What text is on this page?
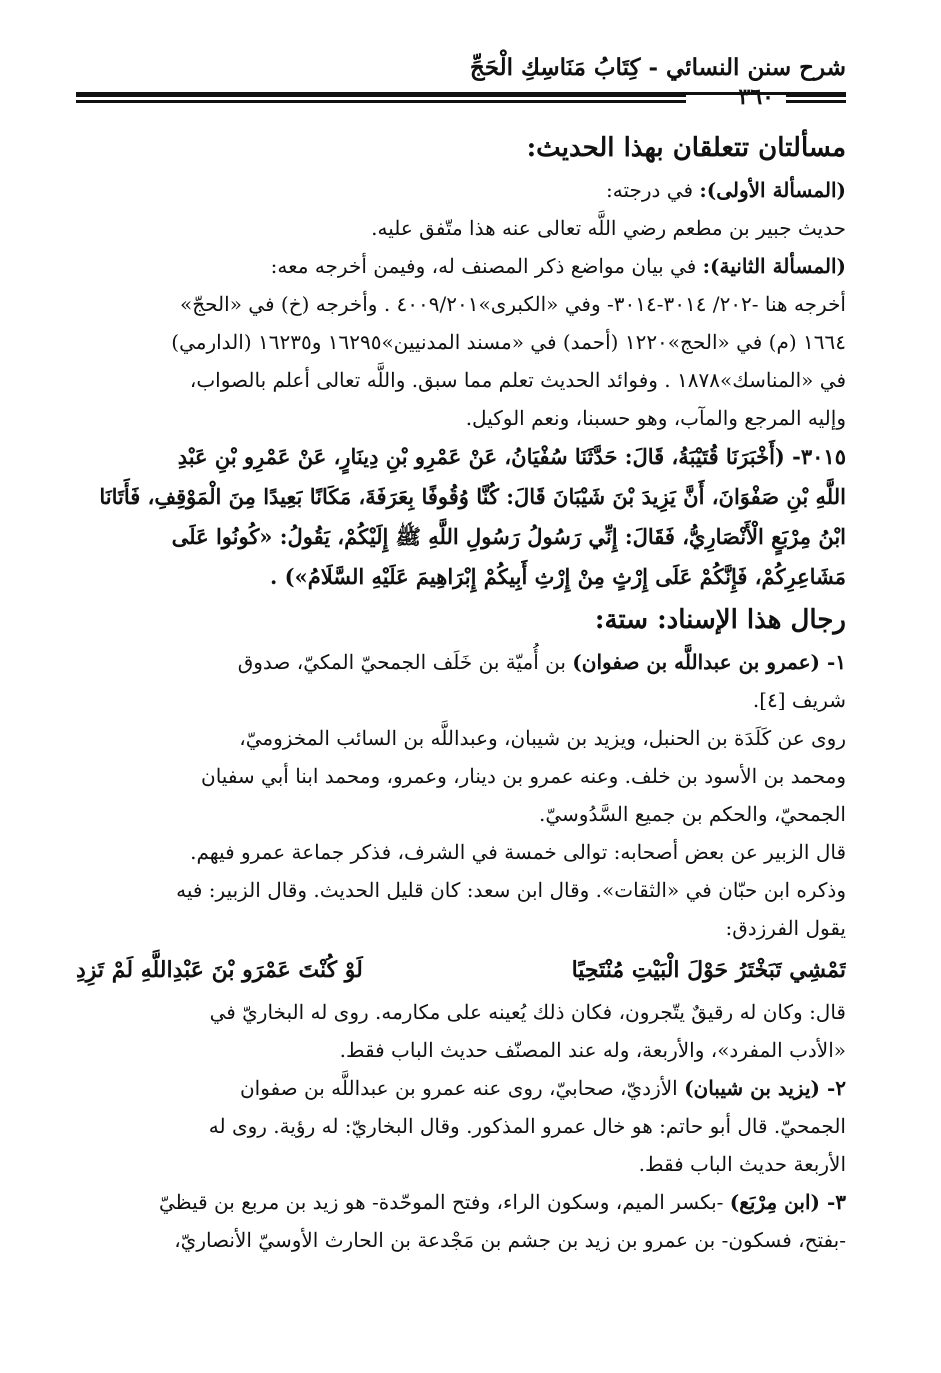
شرح سنن النسائي - كِتَابُ مَنَاسِكِ الْحَجِّ
٣٦٠

مسألتان تتعلقان بهذا الحديث:

(المسألة الأولى): في درجته:

حديث جبير بن مطعم رضي اللَّه تعالى عنه هذا متّفق عليه.

(المسألة الثانية): في بيان مواضع ذكر المصنف له، وفيمن أخرجه معه:

أخرجه هنا -٢٠٢/ ٣٠١٤-٣٠١٤- وفي «الكبرى»٤٠٠٩/٢٠١ . وأخرجه (خ) في «الحجّ»

١٦٦٤ (م) في «الحج»١٢٢٠ (أحمد) في «مسند المدنيين»١٦٢٩٥ و١٦٢٣٥ (الدارمي)

في «المناسك»١٨٧٨ . وفوائد الحديث تعلم مما سبق. واللَّه تعالى أعلم بالصواب،

وإليه المرجع والمآب، وهو حسبنا، ونعم الوكيل.

٣٠١٥- (أَخْبَرَنَا قُتَيْبَةُ، قَالَ: حَدَّثَنَا سُفْيَانُ، عَنْ عَمْرِو بْنِ دِينَارٍ، عَنْ عَمْرِو بْنِ عَبْدِ

اللَّهِ بْنِ صَفْوَانَ، أَنَّ يَزِيدَ بْنَ شَيْبَانَ قَالَ: كُنَّا وُقُوفًا بِعَرَفَةَ، مَكَانًا بَعِيدًا مِنَ الْمَوْقِفِ، فَأَتَانَا

ابْنُ مِرْبَعٍ الْأَنْصَارِيُّ، فَقَالَ: إِنِّي رَسُولُ رَسُولِ اللَّهِ ﷺ إِلَيْكُمْ، يَقُولُ: «كُونُوا عَلَى

مَشَاعِرِكُمْ، فَإِنَّكُمْ عَلَى إِرْثٍ مِنْ إِرْثِ أَبِيكُمْ إِبْرَاهِيمَ عَلَيْهِ السَّلَامُ») .

رجال هذا الإسناد: ستة:

١- (عمرو بن عبداللَّه بن صفوان) بن أُميّة بن خَلَف الجمحيّ المكيّ، صدوق

شريف [٤].

روى عن كَلَدَة بن الحنبل، ويزيد بن شيبان، وعبداللَّه بن السائب المخزوميّ،

ومحمد بن الأسود بن خلف. وعنه عمرو بن دينار، وعمرو، ومحمد ابنا أبي سفيان

الجمحيّ، والحكم بن جميع السَّدُوسيّ.

قال الزبير عن بعض أصحابه: توالى خمسة في الشرف، فذكر جماعة عمرو فيهم.

وذكره ابن حبّان في «الثقات». وقال ابن سعد: كان قليل الحديث. وقال الزبير: فيه

يقول الفرزدق:

تَمْشِي تَبَخْتَرُ حَوْلَ الْبَيْتِ مُنْتَحِيًا
لَوْ كُنْتَ عَمْرَو بْنَ عَبْدِاللَّهِ لَمْ تَزِدِ

قال: وكان له رقيقٌ يتّجرون، فكان ذلك يُعينه على مكارمه. روى له البخاريّ في

«الأدب المفرد»، والأربعة، وله عند المصنّف حديث الباب فقط.

٢- (يزيد بن شيبان) الأزديّ، صحابيّ، روى عنه عمرو بن عبداللَّه بن صفوان

الجمحيّ. قال أبو حاتم: هو خال عمرو المذكور. وقال البخاريّ: له رؤية. روى له

الأربعة حديث الباب فقط.

٣- (ابن مِرْبَع) -بكسر الميم، وسكون الراء، وفتح الموحّدة- هو زيد بن مربع بن قيظيّ

-بفتح، فسكون- بن عمرو بن زيد بن جشم بن مَجْدعة بن الحارث الأوسيّ الأنصاريّ،
